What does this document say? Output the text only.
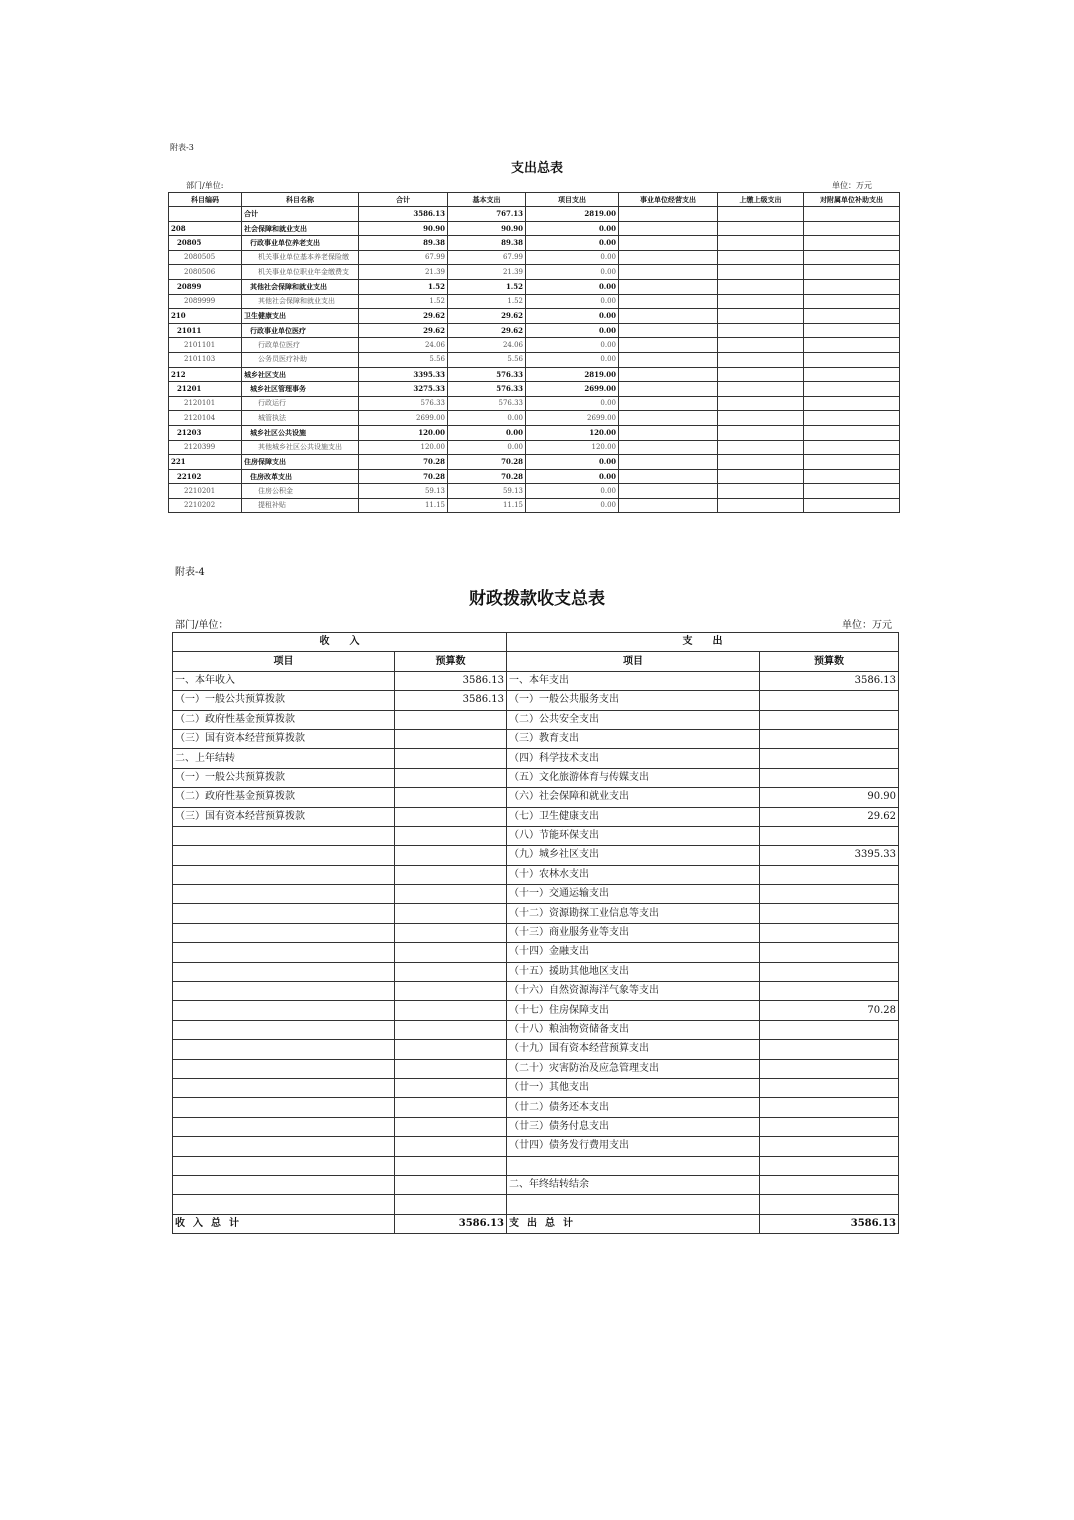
附表-3
支出总表
部门/单位:	单位：万元
科目编码	科目名称	合计	基本支出	项目支出	事业单位经营支出	上缴上级支出	对附属单位补助支出
	合计	3586.13	767.13	2819.00			
208	社会保障和就业支出	90.90	90.90	0.00			
20805	行政事业单位养老支出	89.38	89.38	0.00			
2080505	机关事业单位基本养老保险缴	67.99	67.99	0.00			
2080506	机关事业单位职业年金缴费支	21.39	21.39	0.00			
20899	其他社会保障和就业支出	1.52	1.52	0.00			
2089999	其他社会保障和就业支出	1.52	1.52	0.00			
210	卫生健康支出	29.62	29.62	0.00			
21011	行政事业单位医疗	29.62	29.62	0.00			
2101101	行政单位医疗	24.06	24.06	0.00			
2101103	公务员医疗补助	5.56	5.56	0.00			
212	城乡社区支出	3395.33	576.33	2819.00			
21201	城乡社区管理事务	3275.33	576.33	2699.00			
2120101	行政运行	576.33	576.33	0.00			
2120104	城管执法	2699.00	0.00	2699.00			
21203	城乡社区公共设施	120.00	0.00	120.00			
2120399	其他城乡社区公共设施支出	120.00	0.00	120.00			
221	住房保障支出	70.28	70.28	0.00			
22102	住房改革支出	70.28	70.28	0.00			
2210201	住房公积金	59.13	59.13	0.00			
2210202	提租补贴	11.15	11.15	0.00			
附表-4
财政拨款收支总表
部门/单位：	单位：万元
收　　入		支　　出	
项目	预算数	项目	预算数
一、本年收入	3586.13	一、本年支出	3586.13
（一）一般公共预算拨款	3586.13	（一）一般公共服务支出	
（二）政府性基金预算拨款		（二）公共安全支出	
（三）国有资本经营预算拨款		（三）教育支出	
二、上年结转		（四）科学技术支出	
（一）一般公共预算拨款		（五）文化旅游体育与传媒支出	
（二）政府性基金预算拨款		（六）社会保障和就业支出	90.90
（三）国有资本经营预算拨款		（七）卫生健康支出	29.62
		（八）节能环保支出	
		（九）城乡社区支出	3395.33
		（十）农林水支出	
		（十一）交通运输支出	
		（十二）资源勘探工业信息等支出	
		（十三）商业服务业等支出	
		（十四）金融支出	
		（十五）援助其他地区支出	
		（十六）自然资源海洋气象等支出	
		（十七）住房保障支出	70.28
		（十八）粮油物资储备支出	
		（十九）国有资本经营预算支出	
		（二十）灾害防治及应急管理支出	
		（廿一）其他支出	
		（廿二）债务还本支出	
		（廿三）债务付息支出	
		（廿四）债务发行费用支出	

		二、年终结转结余	

收入总计	3586.13	支出总计	3586.13
